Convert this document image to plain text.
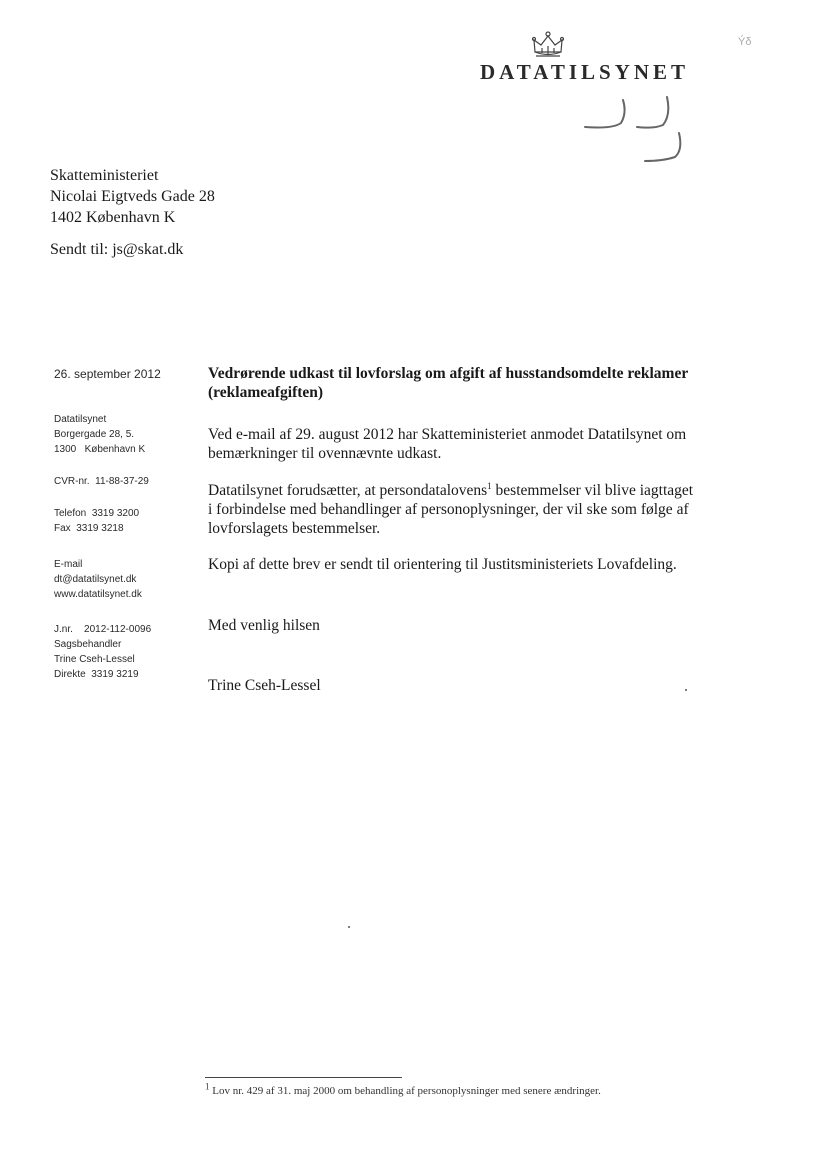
DATATILSYNET
Ýδ
Skatteministeriet
Nicolai Eigtveds Gade 28
1402 København K
Sendt til: js@skat.dk
26. september 2012
Datatilsynet
Borgergade 28, 5.
1300 København K
CVR-nr. 11-88-37-29
Telefon 3319 3200
Fax 3319 3218
E-mail
dt@datatilsynet.dk
www.datatilsynet.dk
J.nr. 2012-112-0096
Sagsbehandler
Trine Cseh-Lessel
Direkte 3319 3219
Vedrørende udkast til lovforslag om afgift af husstandsomdelte reklamer
(reklameafgiften)
Ved e-mail af 29. august 2012 har Skatteministeriet anmodet Datatilsynet om
bemærkninger til ovennævnte udkast.
Datatilsynet forudsætter, at persondatalovens$^1$ bestemmelser vil blive iagttaget
i forbindelse med behandlinger af personoplysninger, der vil ske som følge af
lovforslagets bestemmelser.
Kopi af dette brev er sendt til orientering til Justitsministeriets Lovafdeling.
Med venlig hilsen
Trine Cseh-Lessel
$^1$ Lov nr. 429 af 31. maj 2000 om behandling af personoplysninger med senere ændringer.
